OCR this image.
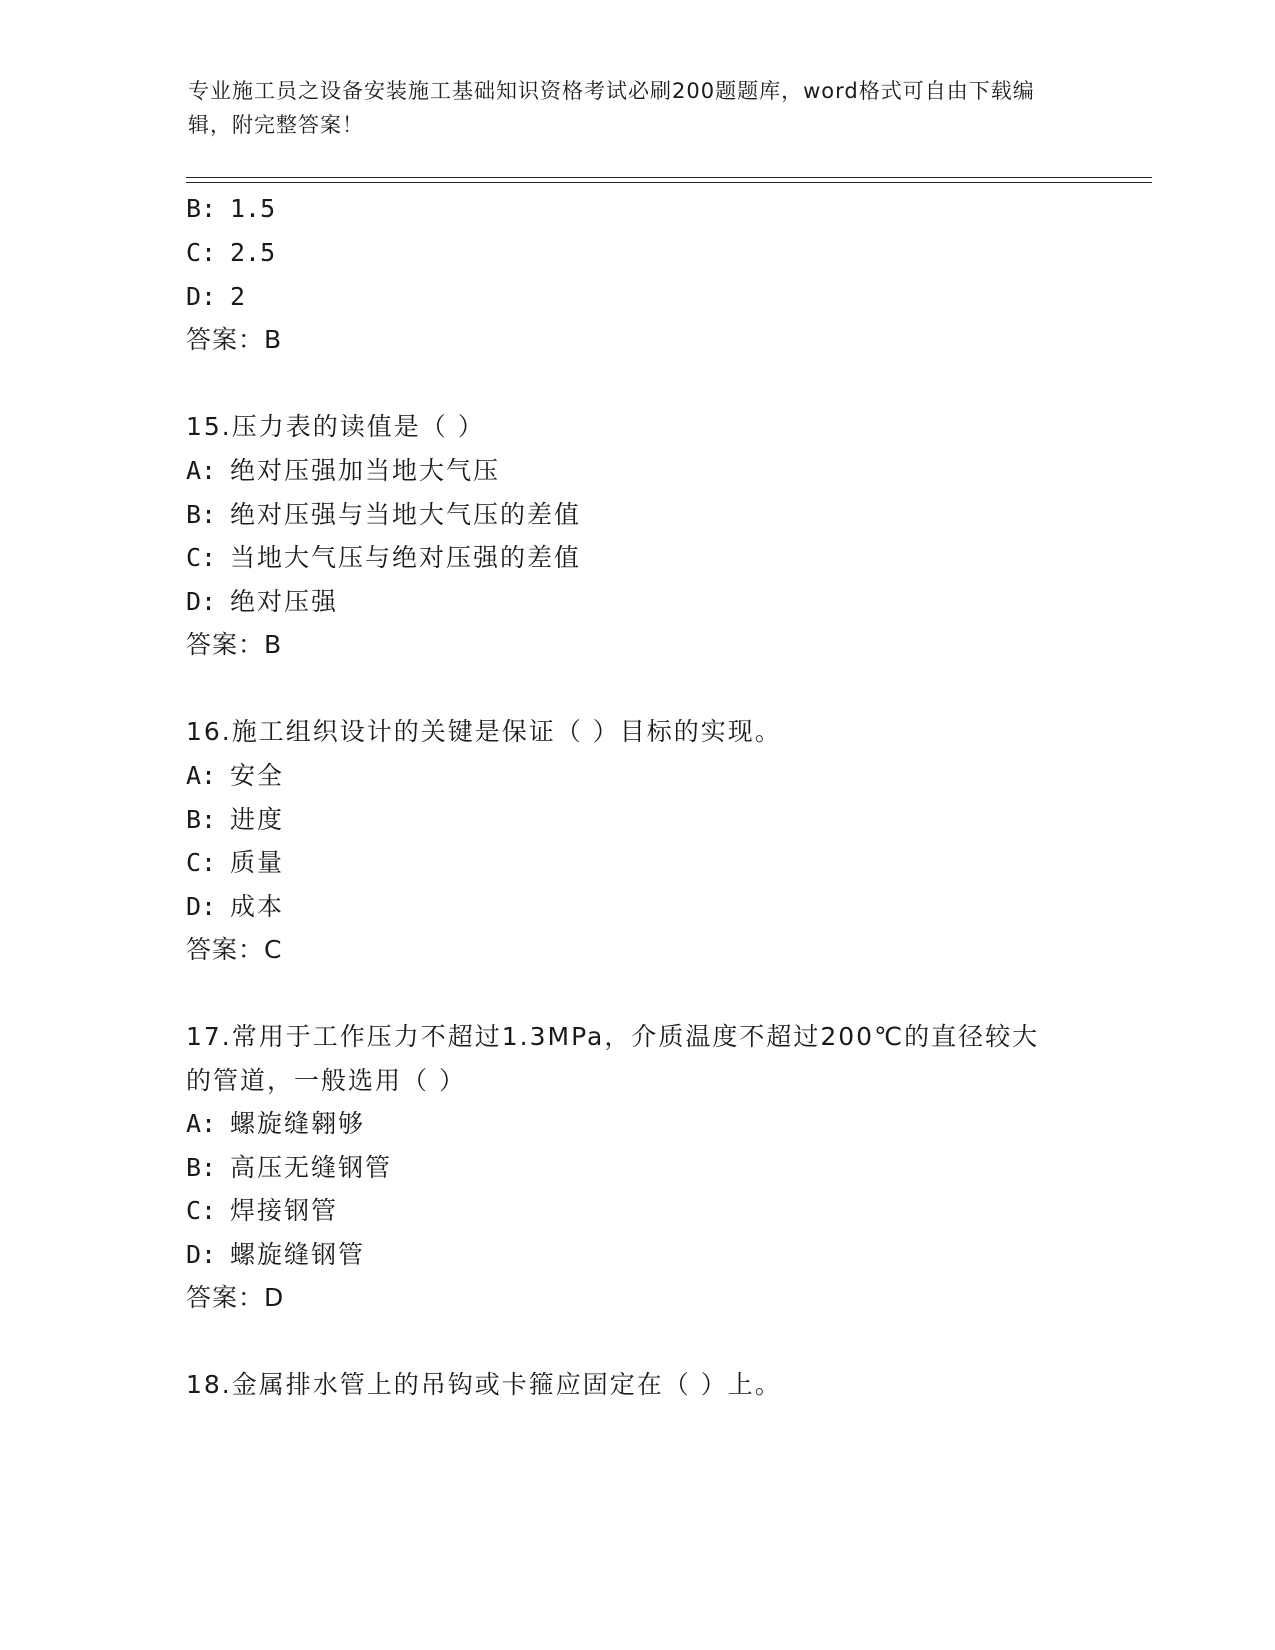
专业施工员之设备安装施工基础知识资格考试必刷200题题库，word格式可自由下载编辑，附完整答案！
B: 1.5
C: 2.5
D: 2
答案：B
15.压力表的读值是（ ）
A: 绝对压强加当地大气压
B: 绝对压强与当地大气压的差值
C: 当地大气压与绝对压强的差值
D: 绝对压强
答案：B
16.施工组织设计的关键是保证（ ）目标的实现。
A: 安全
B: 进度
C: 质量
D: 成本
答案：C
17.常用于工作压力不超过1.3MPa，介质温度不超过200℃的直径较大
的管道，一般选用（ ）
A: 螺旋缝翱够
B: 高压无缝钢管
C: 焊接钢管
D: 螺旋缝钢管
答案：D
18.金属排水管上的吊钩或卡箍应固定在（ ）上。
